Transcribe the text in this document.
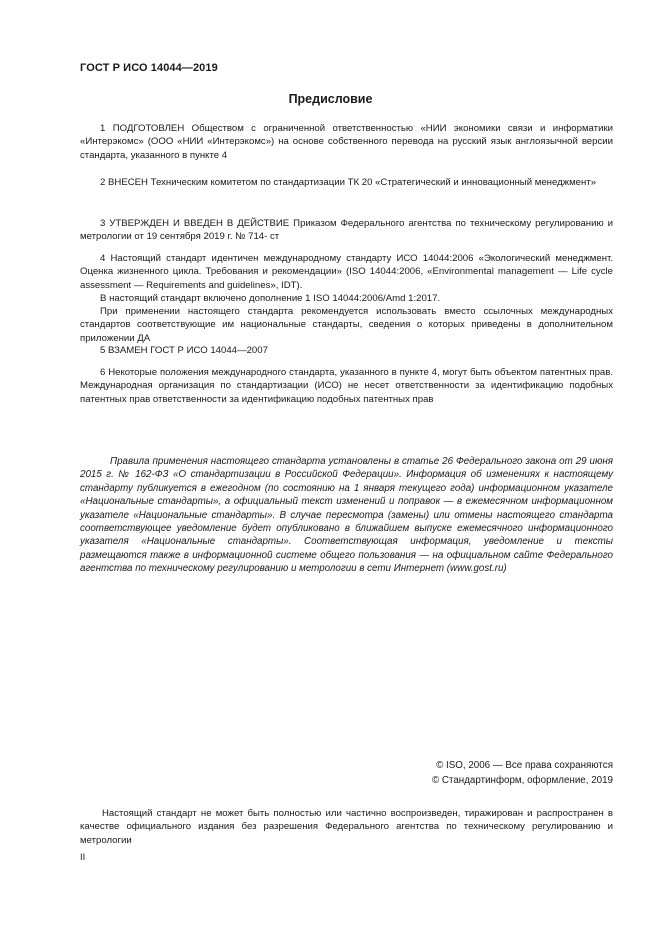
ГОСТ Р ИСО 14044—2019
Предисловие

1 ПОДГОТОВЛЕН Обществом с ограниченной ответственностью «НИИ экономики связи и информатики «Интерэкомс» (ООО «НИИ «Интерэкомс») на основе собственного перевода на русский язык англоязычной версии стандарта, указанного в пункте 4

2 ВНЕСЕН Техническим комитетом по стандартизации ТК 20 «Стратегический и инновационный менеджмент»

3 УТВЕРЖДЕН И ВВЕДЕН В ДЕЙСТВИЕ Приказом Федерального агентства по техническому регулированию и метрологии от 19 сентября 2019 г. № 714- ст

4 Настоящий стандарт идентичен международному стандарту ИСО 14044:2006 «Экологический менеджмент. Оценка жизненного цикла. Требования и рекомендации» (ISO 14044:2006, «Environmental management — Life cycle assessment — Requirements and guidelines», IDT).

В настоящий стандарт включено дополнение 1 ISO 14044:2006/Amd 1:2017.

При применении настоящего стандарта рекомендуется использовать вместо ссылочных международных стандартов соответствующие им национальные стандарты, сведения о которых приведены в дополнительном приложении ДА

5 ВЗАМЕН ГОСТ Р ИСО 14044—2007

6 Некоторые положения международного стандарта, указанного в пункте 4, могут быть объектом патентных прав. Международная организация по стандартизации (ИСО) не несет ответственности за идентификацию подобных патентных прав ответственности за идентификацию подобных патентных прав

Правила применения настоящего стандарта установлены в статье 26 Федерального закона от 29 июня 2015 г. № 162-ФЗ «О стандартизации в Российской Федерации». Информация об изменениях к настоящему стандарту публикуется в ежегодном (по состоянию на 1 января текущего года) информационном указателе «Национальные стандарты», а официальный текст изменений и поправок — в ежемесячном информационном указателе «Национальные стандарты». В случае пересмотра (замены) или отмены настоящего стандарта соответствующее уведомление будет опубликовано в ближайшем выпуске ежемесячного информационного указателя «Национальные стандарты». Соответствующая информация, уведомление и тексты размещаются также в информационной системе общего пользования — на официальном сайте Федерального агентства по техническому регулированию и метрологии в сети Интернет (www.gost.ru)
© ISO, 2006 — Все права сохраняются
© Стандартинформ, оформление, 2019
Настоящий стандарт не может быть полностью или частично воспроизведен, тиражирован и распространен в качестве официального издания без разрешения Федерального агентства по техническому регулированию и метрологии
II
